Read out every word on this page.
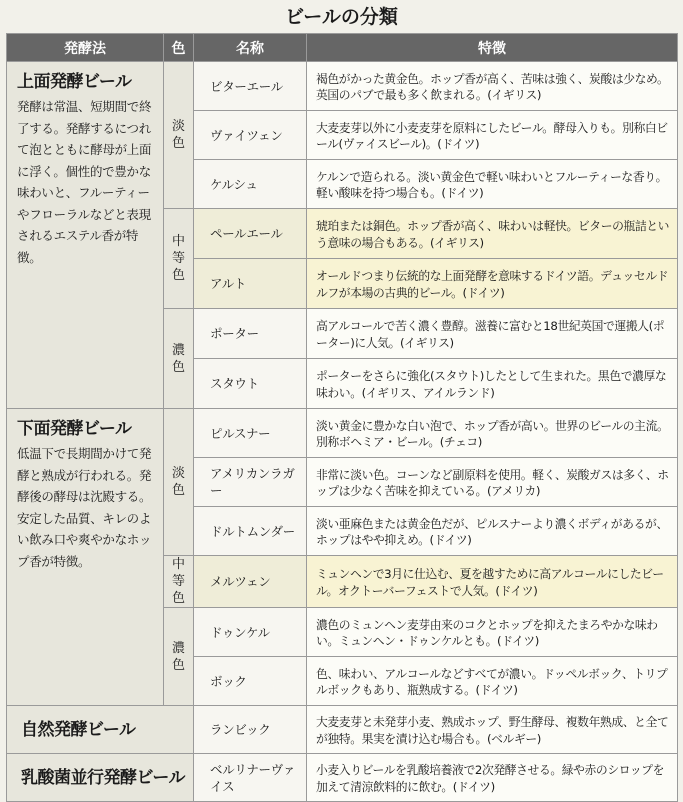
ビールの分類
発酵法	色	名称	特徴

上面発酵ビール
発酵は常温、短期間で終了する。発酵するにつれて泡とともに酵母が上面に浮く。個性的で豊かな味わいと、フルーティーやフローラルなどと表現されるエステル香が特徴。	淡色	ビターエール	褐色がかった黄金色。ホップ香が高く、苦味は強く、炭酸は少なめ。英国のパブで最も多く飲まれる。(イギリス)
		ヴァイツェン	大麦麦芽以外に小麦麦芽を原料にしたビール。酵母入りも。別称白ビール(ヴァイスビール)。(ドイツ)
		ケルシュ	ケルンで造られる。淡い黄金色で軽い味わいとフルーティーな香り。軽い酸味を持つ場合も。(ドイツ)
	中等色	ペールエール	琥珀または銅色。ホップ香が高く、味わいは軽快。ビターの瓶詰という意味の場合もある。(イギリス)
		アルト	オールドつまり伝統的な上面発酵を意味するドイツ語。デュッセルドルフが本場の古典的ビール。(ドイツ)
	濃色	ポーター	高アルコールで苦く濃く豊醇。滋養に富むと18世紀英国で運搬人(ポーター)に人気。(イギリス)
		スタウト	ポーターをさらに強化(スタウト)したとして生まれた。黒色で濃厚な味わい。(イギリス、アイルランド)

下面発酵ビール
低温下で長期間かけて発酵と熟成が行われる。発酵後の酵母は沈殿する。安定した品質、キレのよい飲み口や爽やかなホップ香が特徴。	淡色	ピルスナー	淡い黄金に豊かな白い泡で、ホップ香が高い。世界のビールの主流。別称ボヘミア・ビール。(チェコ)
		アメリカンラガー	非常に淡い色。コーンなど副原料を使用。軽く、炭酸ガスは多く、ホップは少なく苦味を抑えている。(アメリカ)
		ドルトムンダー	淡い亜麻色または黄金色だが、ピルスナーより濃くボディがあるが、ホップはやや抑えめ。(ドイツ)
	中等色	メルツェン	ミュンヘンで3月に仕込む、夏を越すために高アルコールにしたビール。オクトーバーフェストで人気。(ドイツ)
	濃色	ドゥンケル	濃色のミュンヘン麦芽由来のコクとホップを抑えたまろやかな味わい。ミュンヘン・ドゥンケルとも。(ドイツ)
		ボック	色、味わい、アルコールなどすべてが濃い。ドッペルボック、トリプルボックもあり、瓶熟成する。(ドイツ)

自然発酵ビール		ランビック	大麦麦芽と未発芽小麦、熟成ホップ、野生酵母、複数年熟成、と全てが独特。果実を漬け込む場合も。(ベルギー)

乳酸菌並行発酵ビール		ベルリナーヴァイス	小麦入りビールを乳酸培養液で2次発酵させる。緑や赤のシロップを加えて清涼飲料的に飲む。(ドイツ)
